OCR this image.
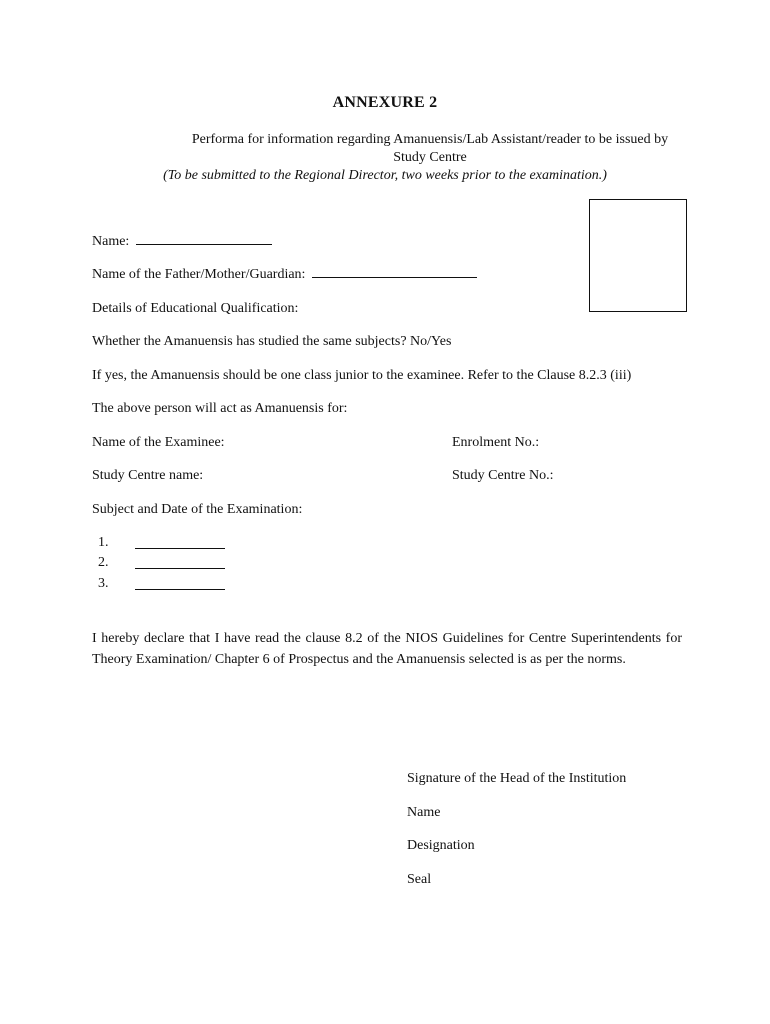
ANNEXURE 2
Performa for information regarding Amanuensis/Lab Assistant/reader to be issued by
Study Centre
(To be submitted to the Regional Director, two weeks prior to the examination.)
Name:
Name of the Father/Mother/Guardian:
Details of Educational Qualification:
Whether the Amanuensis has studied the same subjects? No/Yes
If yes, the Amanuensis should be one class junior to the examinee. Refer to the Clause 8.2.3 (iii)
The above person will act as Amanuensis for:
Name of the Examinee:	Enrolment No.:
Study Centre name:	Study Centre No.:
Subject and Date of the Examination:
1.
2.
3.
I hereby declare that I have read the clause 8.2 of the NIOS Guidelines for Centre Superintendents for Theory Examination/ Chapter 6 of Prospectus and the Amanuensis selected is as per the norms.
Signature of the Head of the Institution
Name
Designation
Seal
